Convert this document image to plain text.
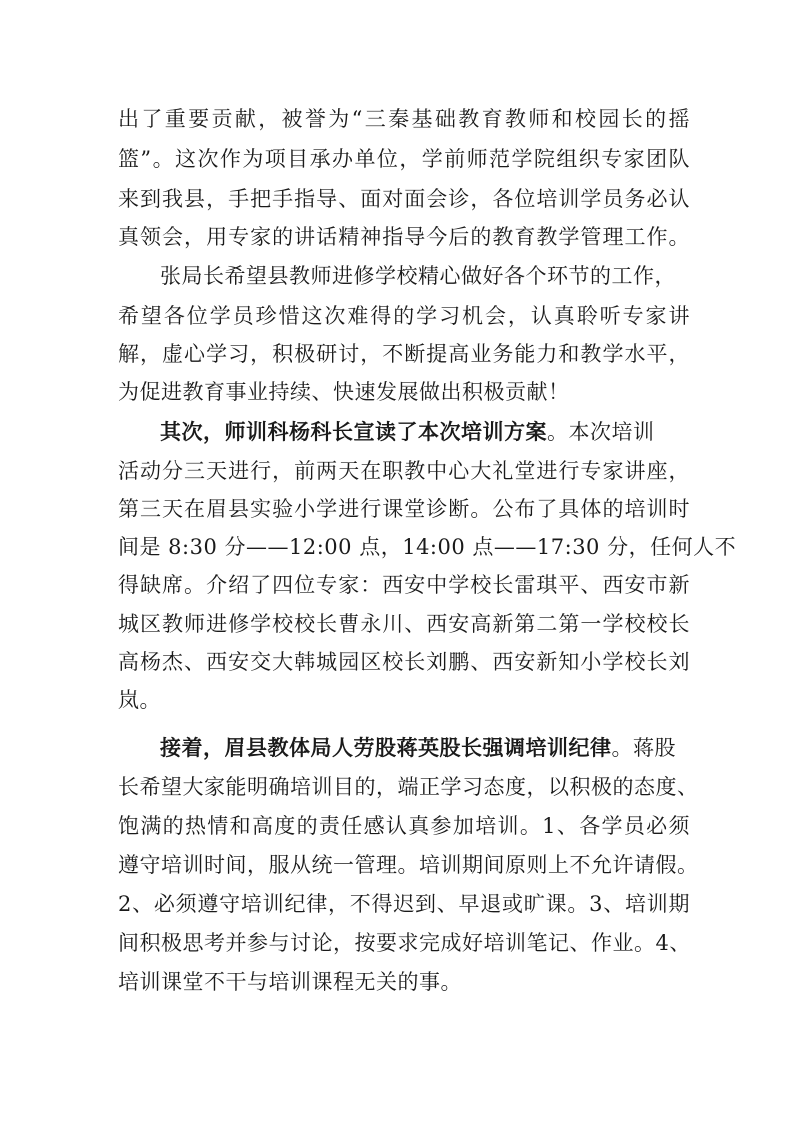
出了重要贡献，被誉为“三秦基础教育教师和校园长的摇
篮”。这次作为项目承办单位，学前师范学院组织专家团队
来到我县，手把手指导、面对面会诊，各位培训学员务必认
真领会，用专家的讲话精神指导今后的教育教学管理工作。
张局长希望县教师进修学校精心做好各个环节的工作，
希望各位学员珍惜这次难得的学习机会，认真聆听专家讲
解，虚心学习，积极研讨，不断提高业务能力和教学水平，
为促进教育事业持续、快速发展做出积极贡献！
其次，师训科杨科长宣读了本次培训方案。本次培训
活动分三天进行，前两天在职教中心大礼堂进行专家讲座，
第三天在眉县实验小学进行课堂诊断。公布了具体的培训时
间是 8:30 分——12:00 点，14:00 点——17:30 分，任何人不
得缺席。介绍了四位专家：西安中学校长雷琪平、西安市新
城区教师进修学校校长曹永川、西安高新第二第一学校校长
高杨杰、西安交大韩城园区校长刘鹏、西安新知小学校长刘
岚。
接着，眉县教体局人劳股蒋英股长强调培训纪律。蒋股
长希望大家能明确培训目的，端正学习态度，以积极的态度、
饱满的热情和高度的责任感认真参加培训。1、各学员必须
遵守培训时间，服从统一管理。培训期间原则上不允许请假。
2、必须遵守培训纪律，不得迟到、早退或旷课。3、培训期
间积极思考并参与讨论，按要求完成好培训笔记、作业。4、
培训课堂不干与培训课程无关的事。
